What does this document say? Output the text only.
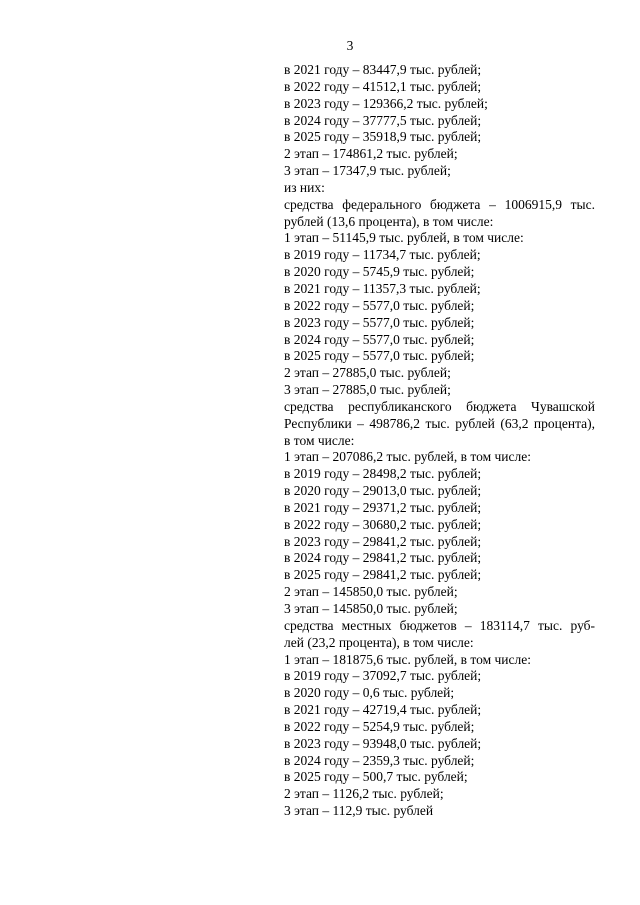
3
в 2021 году – 83447,9 тыс. рублей;
в 2022 году – 41512,1 тыс. рублей;
в 2023 году – 129366,2 тыс. рублей;
в 2024 году – 37777,5 тыс. рублей;
в 2025 году – 35918,9 тыс. рублей;
2 этап – 174861,2 тыс. рублей;
3 этап – 17347,9 тыс. рублей;
из них:
средства федерального бюджета – 1006915,9 тыс.
рублей (13,6 процента), в том числе:
1 этап – 51145,9 тыс. рублей, в том числе:
в 2019 году – 11734,7 тыс. рублей;
в 2020 году – 5745,9 тыс. рублей;
в 2021 году – 11357,3 тыс. рублей;
в 2022 году – 5577,0 тыс. рублей;
в 2023 году – 5577,0 тыс. рублей;
в 2024 году – 5577,0 тыс. рублей;
в 2025 году – 5577,0 тыс. рублей;
2 этап – 27885,0 тыс. рублей;
3 этап – 27885,0 тыс. рублей;
средства республиканского бюджета Чувашской
Республики – 498786,2 тыс. рублей (63,2 процента),
в том числе:
1 этап – 207086,2 тыс. рублей, в том числе:
в 2019 году – 28498,2 тыс. рублей;
в 2020 году – 29013,0 тыс. рублей;
в 2021 году – 29371,2 тыс. рублей;
в 2022 году – 30680,2 тыс. рублей;
в 2023 году – 29841,2 тыс. рублей;
в 2024 году – 29841,2 тыс. рублей;
в 2025 году – 29841,2 тыс. рублей;
2 этап – 145850,0 тыс. рублей;
3 этап – 145850,0 тыс. рублей;
средства местных бюджетов – 183114,7 тыс. руб-
лей (23,2 процента), в том числе:
1 этап – 181875,6 тыс. рублей, в том числе:
в 2019 году – 37092,7 тыс. рублей;
в 2020 году – 0,6 тыс. рублей;
в 2021 году – 42719,4 тыс. рублей;
в 2022 году – 5254,9 тыс. рублей;
в 2023 году – 93948,0 тыс. рублей;
в 2024 году – 2359,3 тыс. рублей;
в 2025 году – 500,7 тыс. рублей;
2 этап – 1126,2 тыс. рублей;
3 этап – 112,9 тыс. рублей
